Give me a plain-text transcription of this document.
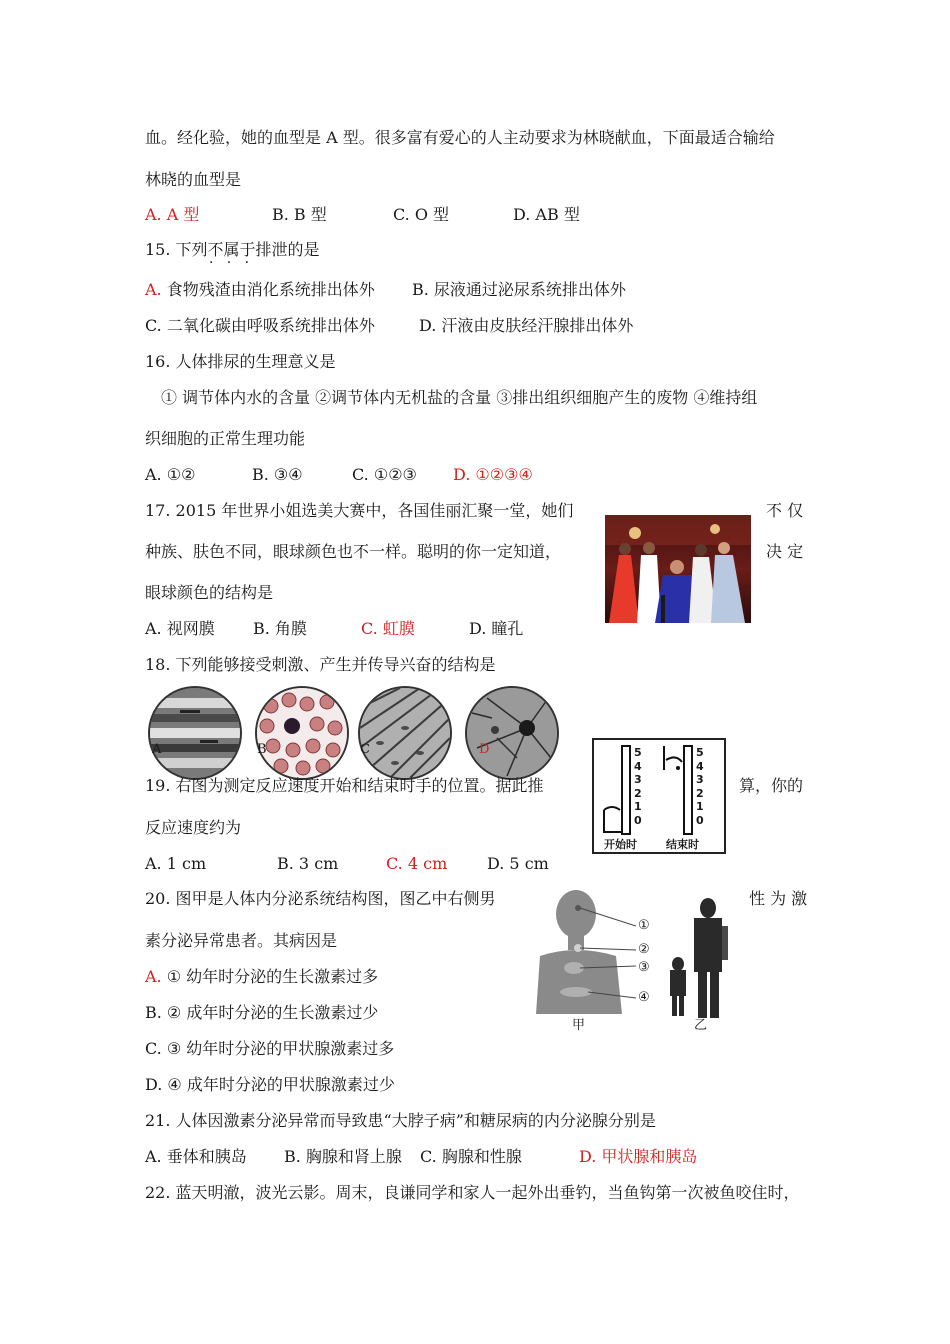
血。经化验，她的血型是 A 型。很多富有爱心的人主动要求为林晓献血，下面最适合输给
林晓的血型是
A. A 型	B. B 型	C. O 型	D. AB 型
15. 下列不属于排泄的是
·   ·   ·
A. 食物残渣由消化系统排出体外 B. 尿液通过泌尿系统排出体外
C. 二氧化碳由呼吸系统排出体外	D. 汗液由皮肤经汗腺排出体外
16. 人体排尿的生理意义是
① 调节体内水的含量 ②调节体内无机盐的含量 ③排出组织细胞产生的废物 ④维持组
织细胞的正常生理功能
A. ①②	B. ③④	C. ①②③ D. ①②③④
17. 2015 年世界小姐选美大赛中，各国佳丽汇聚一堂，她们	不 仅
种族、肤色不同，眼球颜色也不一样。聪明的你一定知道，	决 定
眼球颜色的结构是
A. 视网膜 B. 角膜	C. 虹膜	D. 瞳孔
18. 下列能够接受刺激、产生并传导兴奋的结构是
A	B	C	D
19. 右图为测定反应速度开始和结束时手的位置。据此推	算，你的
反应速度约为
A. 1 cm	B. 3 cm	C. 4 cm D. 5 cm
5
4
3
2
1
0
5
4
3
2
1
0
开始时	结束时
20. 图甲是人体内分泌系统结构图，图乙中右侧男	性 为 激
素分泌异常患者。其病因是
A. ① 幼年时分泌的生长激素过多
B. ② 成年时分泌的生长激素过少
C. ③ 幼年时分泌的甲状腺激素过多
D. ④ 成年时分泌的甲状腺激素过少
①
②
③
④
甲	乙
21. 人体因激素分泌异常而导致患“大脖子病”和糖尿病的内分泌腺分别是
A. 垂体和胰岛 B. 胸腺和肾上腺 C. 胸腺和性腺	D. 甲状腺和胰岛
22. 蓝天明澈，波光云影。周末，良谦同学和家人一起外出垂钓，当鱼钩第一次被鱼咬住时，
